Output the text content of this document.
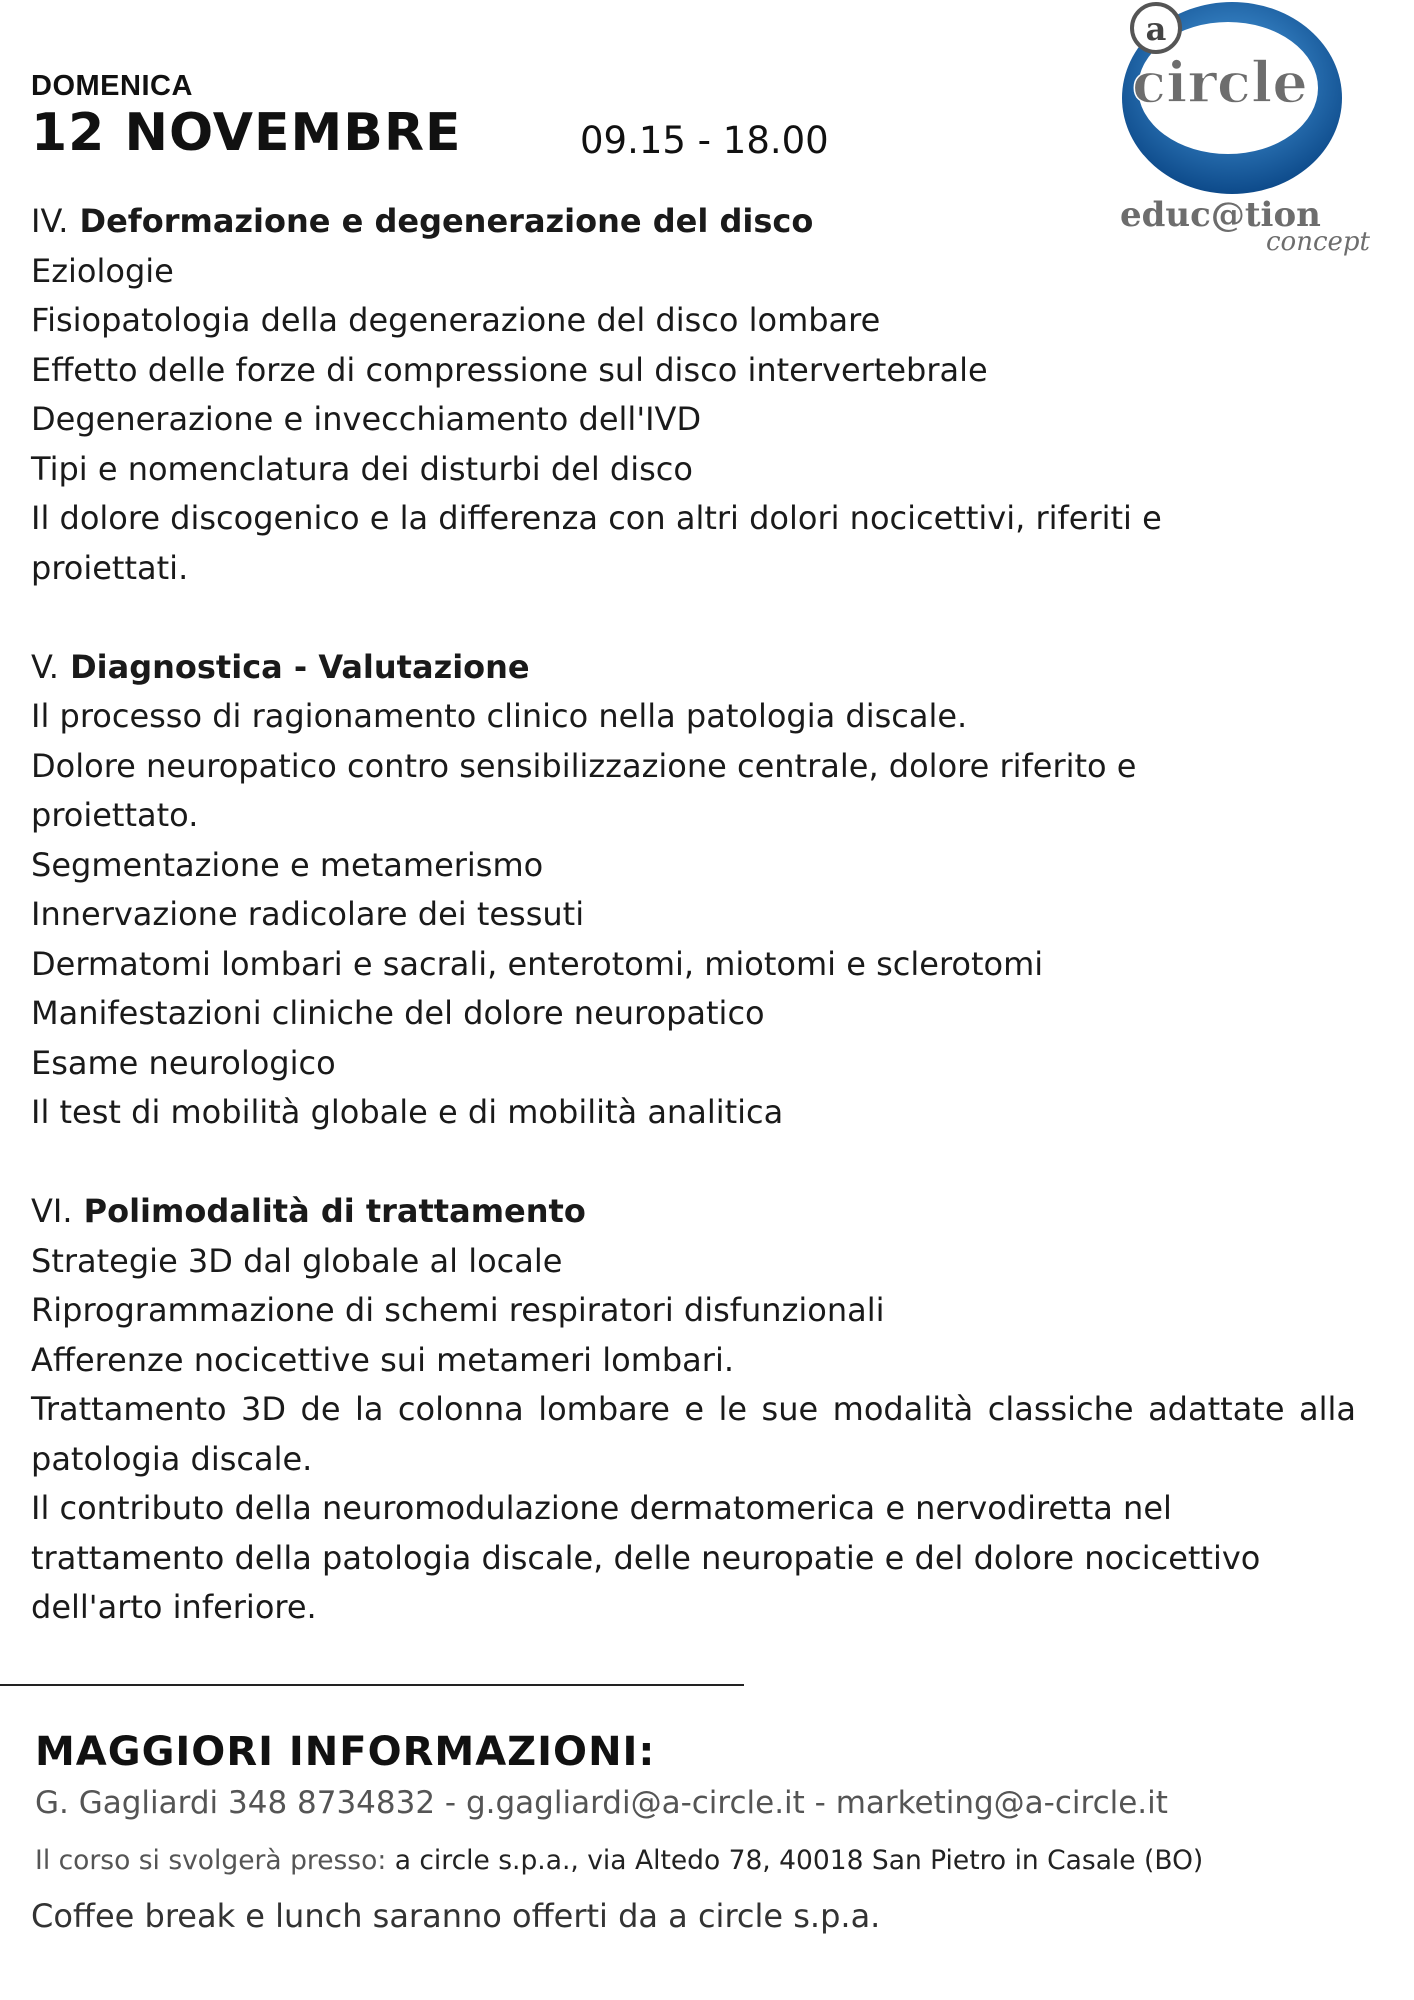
DOMENICA
12 NOVEMBRE	09.15 - 18.00
a
circle
educ@tion
concept
IV. Deformazione e degenerazione del disco
Eziologie
Fisiopatologia della degenerazione del disco lombare
Effetto delle forze di compressione sul disco intervertebrale
Degenerazione e invecchiamento dell'IVD
Tipi e nomenclatura dei disturbi del disco
Il dolore discogenico e la differenza con altri dolori nocicettivi, riferiti e proiettati.
V. Diagnostica - Valutazione
Il processo di ragionamento clinico nella patologia discale.
Dolore neuropatico contro sensibilizzazione centrale, dolore riferito e proiettato.
Segmentazione e metamerismo
Innervazione radicolare dei tessuti
Dermatomi lombari e sacrali, enterotomi, miotomi e sclerotomi
Manifestazioni cliniche del dolore neuropatico
Esame neurologico
Il test di mobilità globale e di mobilità analitica
VI. Polimodalità di trattamento
Strategie 3D dal globale al locale
Riprogrammazione di schemi respiratori disfunzionali
Afferenze nocicettive sui metameri lombari.
Trattamento 3D de la colonna lombare e le sue modalità classiche adattate alla patologia discale.
Il contributo della neuromodulazione dermatomerica e nervodiretta nel trattamento della patologia discale, delle neuropatie e del dolore nocicettivo dell'arto inferiore.
MAGGIORI INFORMAZIONI:
G. Gagliardi 348 8734832 - g.gagliardi@a-circle.it - marketing@a-circle.it
Il corso si svolgerà presso: a circle s.p.a., via Altedo 78, 40018 San Pietro in Casale (BO)
Coffee break e lunch saranno offerti da a circle s.p.a.
